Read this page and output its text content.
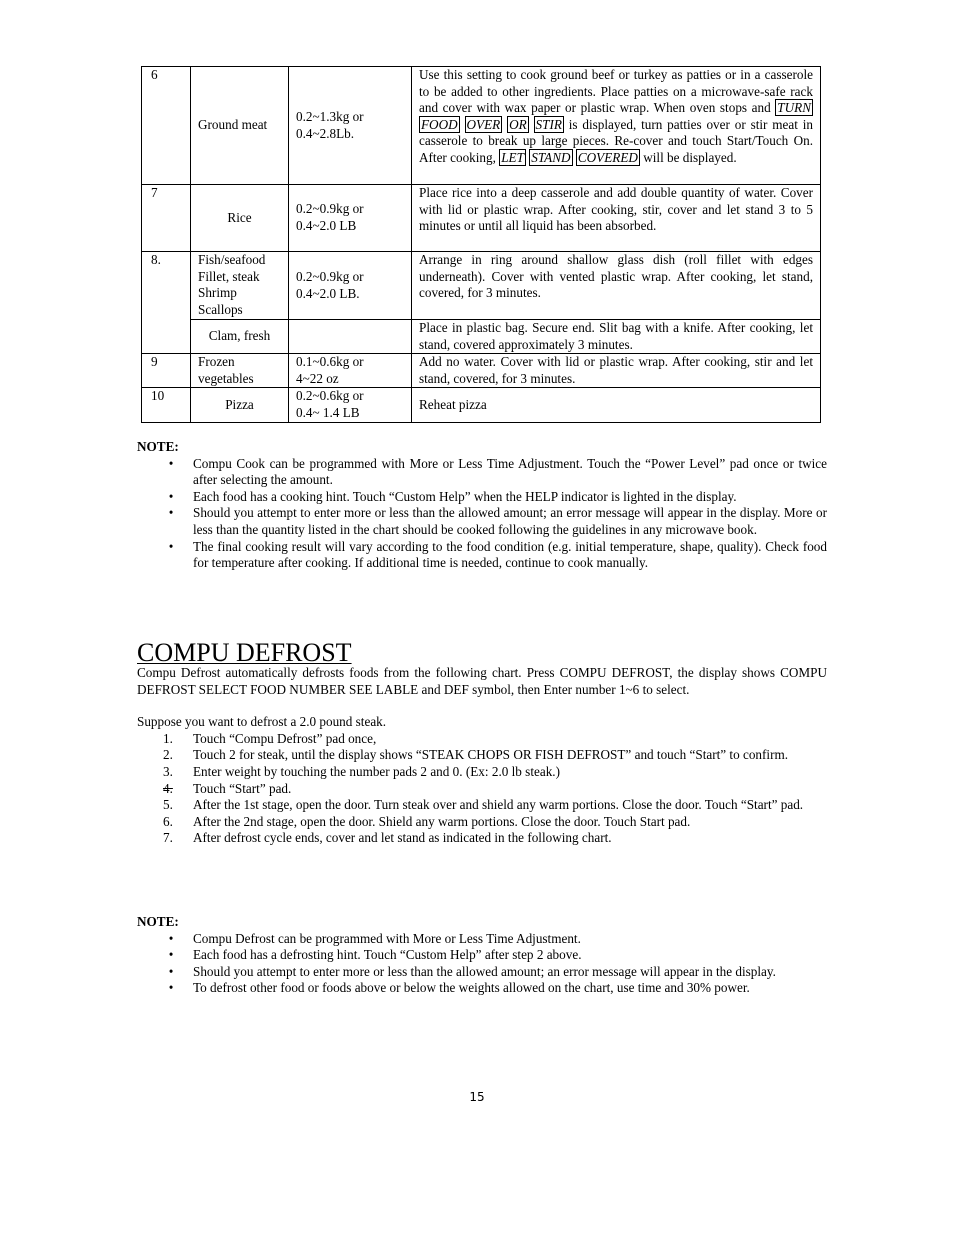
6	Ground meat	0.2~1.3kg or
0.4~2.8Lb.	Use this setting to cook ground beef or turkey as patties or in a casserole to be added to other ingredients. Place patties on a microwave-safe rack and cover with wax paper or plastic wrap. When oven stops and TURN FOOD OVER OR STIR is displayed, turn patties over or stir meat in casserole to break up large pieces. Re-cover and touch Start/Touch On. After cooking, LET STAND COVERED will be displayed.
7	Rice	0.2~0.9kg or
0.4~2.0 LB	Place rice into a deep casserole and add double quantity of water. Cover with lid or plastic wrap. After cooking, stir, cover and let stand 3 to 5 minutes or until all liquid has been absorbed.
8.	Fish/seafood
Fillet, steak
Shrimp
Scallops	0.2~0.9kg or
0.4~2.0 LB.	Arrange in ring around shallow glass dish (roll fillet with edges underneath). Cover with vented plastic wrap. After cooking, let stand, covered, for 3 minutes.
	Clam, fresh		Place in plastic bag. Secure end. Slit bag with a knife. After cooking, let stand, covered approximately 3 minutes.
9	Frozen
vegetables	0.1~0.6kg or
4~22 oz	Add no water. Cover with lid or plastic wrap. After cooking, stir and let stand, covered, for 3 minutes.
10	Pizza	0.2~0.6kg or
0.4~ 1.4 LB	Reheat pizza
NOTE:
• Compu Cook can be programmed with More or Less Time Adjustment. Touch the “Power Level” pad once or twice after selecting the amount.
• Each food has a cooking hint. Touch “Custom Help” when the HELP indicator is lighted in the display.
• Should you attempt to enter more or less than the allowed amount; an error message will appear in the display. More or less than the quantity listed in the chart should be cooked following the guidelines in any microwave book.
• The final cooking result will vary according to the food condition (e.g. initial temperature, shape, quality). Check food for temperature after cooking. If additional time is needed, continue to cook manually.
COMPU DEFROST

Compu Defrost automatically defrosts foods from the following chart. Press COMPU DEFROST, the display shows COMPU DEFROST SELECT FOOD NUMBER SEE LABLE and DEF symbol, then Enter number 1~6 to select.

Suppose you want to defrost a 2.0 pound steak.

1.	Touch “Compu Defrost” pad once,
2.	Touch 2 for steak, until the display shows “STEAK CHOPS OR FISH DEFROST” and touch “Start” to confirm.
3.	Enter weight by touching the number pads 2 and 0. (Ex: 2.0 lb steak.)
4.	Touch “Start” pad.
5.	After the 1st stage, open the door. Turn steak over and shield any warm portions. Close the door. Touch “Start” pad.
6.	After the 2nd stage, open the door. Shield any warm portions. Close the door. Touch Start pad.
7.	After defrost cycle ends, cover and let stand as indicated in the following chart.
NOTE:
• Compu Defrost can be programmed with More or Less Time Adjustment.
• Each food has a defrosting hint. Touch “Custom Help” after step 2 above.
• Should you attempt to enter more or less than the allowed amount; an error message will appear in the display.
• To defrost other food or foods above or below the weights allowed on the chart, use time and 30% power.
15
